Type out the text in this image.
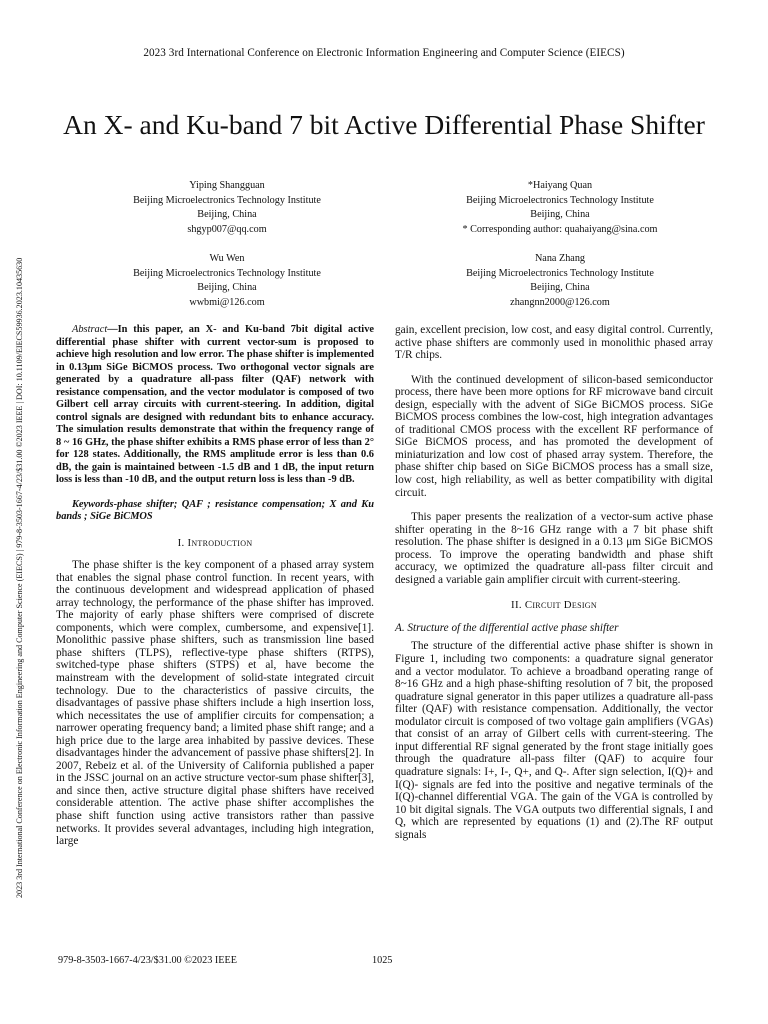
2023 3rd International Conference on Electronic Information Engineering and Computer Science (EIECS)
2023 3rd International Conference on Electronic Information Engineering and Computer Science (EIECS) | 979-8-3503-1667-4/23/$31.00 ©2023 IEEE | DOI: 10.1109/EIECS59936.2023.10435630
An X- and Ku-band 7 bit Active Differential Phase Shifter
Yiping Shangguan
Beijing Microelectronics Technology Institute
Beijing, China
shgyp007@qq.com
*Haiyang Quan
Beijing Microelectronics Technology Institute
Beijing, China
* Corresponding author: quahaiyang@sina.com
Wu Wen
Beijing Microelectronics Technology Institute
Beijing, China
wwbmi@126.com
Nana Zhang
Beijing Microelectronics Technology Institute
Beijing, China
zhangnn2000@126.com

Abstract—In this paper, an X- and Ku-band 7bit digital active differential phase shifter with current vector-sum is proposed to achieve high resolution and low error. The phase shifter is implemented in 0.13μm SiGe BiCMOS process. Two orthogonal vector signals are generated by a quadrature all-pass filter (QAF) network with resistance compensation, and the vector modulator is composed of two Gilbert cell array circuits with current-steering. In addition, digital control signals are designed with redundant bits to enhance accuracy. The simulation results demonstrate that within the frequency range of 8 ~ 16 GHz, the phase shifter exhibits a RMS phase error of less than 2° for 128 states. Additionally, the RMS amplitude error is less than 0.6 dB, the gain is maintained between -1.5 dB and 1 dB, the input return loss is less than -10 dB, and the output return loss is less than -9 dB.

Keywords-phase shifter; QAF ; resistance compensation; X and Ku bands ; SiGe BiCMOS

I. Introduction

The phase shifter is the key component of a phased array system that enables the signal phase control function. In recent years, with the continuous development and widespread application of phased array technology, the performance of the phase shifter has improved. The majority of early phase shifters were comprised of discrete components, which were complex, cumbersome, and expensive[1]. Monolithic passive phase shifters, such as transmission line based phase shifters (TLPS), reflective-type phase shifters (RTPS), switched-type phase shifters (STPS) et al, have become the mainstream with the development of solid-state integrated circuit technology. Due to the characteristics of passive circuits, the disadvantages of passive phase shifters include a high insertion loss, which necessitates the use of amplifier circuits for compensation; a narrower operating frequency band; a limited phase shift range; and a high price due to the large area inhabited by passive devices. These disadvantages hinder the advancement of passive phase shifters[2]. In 2007, Rebeiz et al. of the University of California published a paper in the JSSC journal on an active structure vector-sum phase shifter[3], and since then, active structure digital phase shifters have received considerable attention. The active phase shifter accomplishes the phase shift function using active transistors rather than passive networks. It provides several advantages, including high integration, large

gain, excellent precision, low cost, and easy digital control. Currently, active phase shifters are commonly used in monolithic phased array T/R chips.

With the continued development of silicon-based semiconductor process, there have been more options for RF microwave band circuit design, especially with the advent of SiGe BiCMOS process. SiGe BiCMOS process combines the low-cost, high integration advantages of traditional CMOS process with the excellent RF performance of SiGe BiCMOS process, and has promoted the development of miniaturization and low cost of phased array system. Therefore, the phase shifter chip based on SiGe BiCMOS process has a small size, low cost, high reliability, as well as better compatibility with digital circuit.

This paper presents the realization of a vector-sum active phase shifter operating in the 8~16 GHz range with a 7 bit phase shift resolution. The phase shifter is designed in a 0.13 μm SiGe BiCMOS process. To improve the operating bandwidth and phase shift accuracy, we optimized the quadrature all-pass filter circuit and designed a variable gain amplifier circuit with current-steering.

II. Circuit Design
A. Structure of the differential active phase shifter

The structure of the differential active phase shifter is shown in Figure 1, including two components: a quadrature signal generator and a vector modulator. To achieve a broadband operating range of 8~16 GHz and a high phase-shifting resolution of 7 bit, the proposed quadrature signal generator in this paper utilizes a quadrature all-pass filter (QAF) with resistance compensation. Additionally, the vector modulator circuit is composed of two voltage gain amplifiers (VGAs) that consist of an array of Gilbert cells with current-steering. The input differential RF signal generated by the front stage initially goes through the quadrature all-pass filter (QAF) to acquire four quadrature signals: I+, I-, Q+, and Q-. After sign selection, I(Q)+ and I(Q)- signals are fed into the positive and negative terminals of the I(Q)-channel differential VGA. The gain of the VGA is controlled by 10 bit digital signals. The VGA outputs two differential signals, I and Q, which are represented by equations (1) and (2).The RF output signals

979-8-3503-1667-4/23/$31.00 ©2023 IEEE	1025
